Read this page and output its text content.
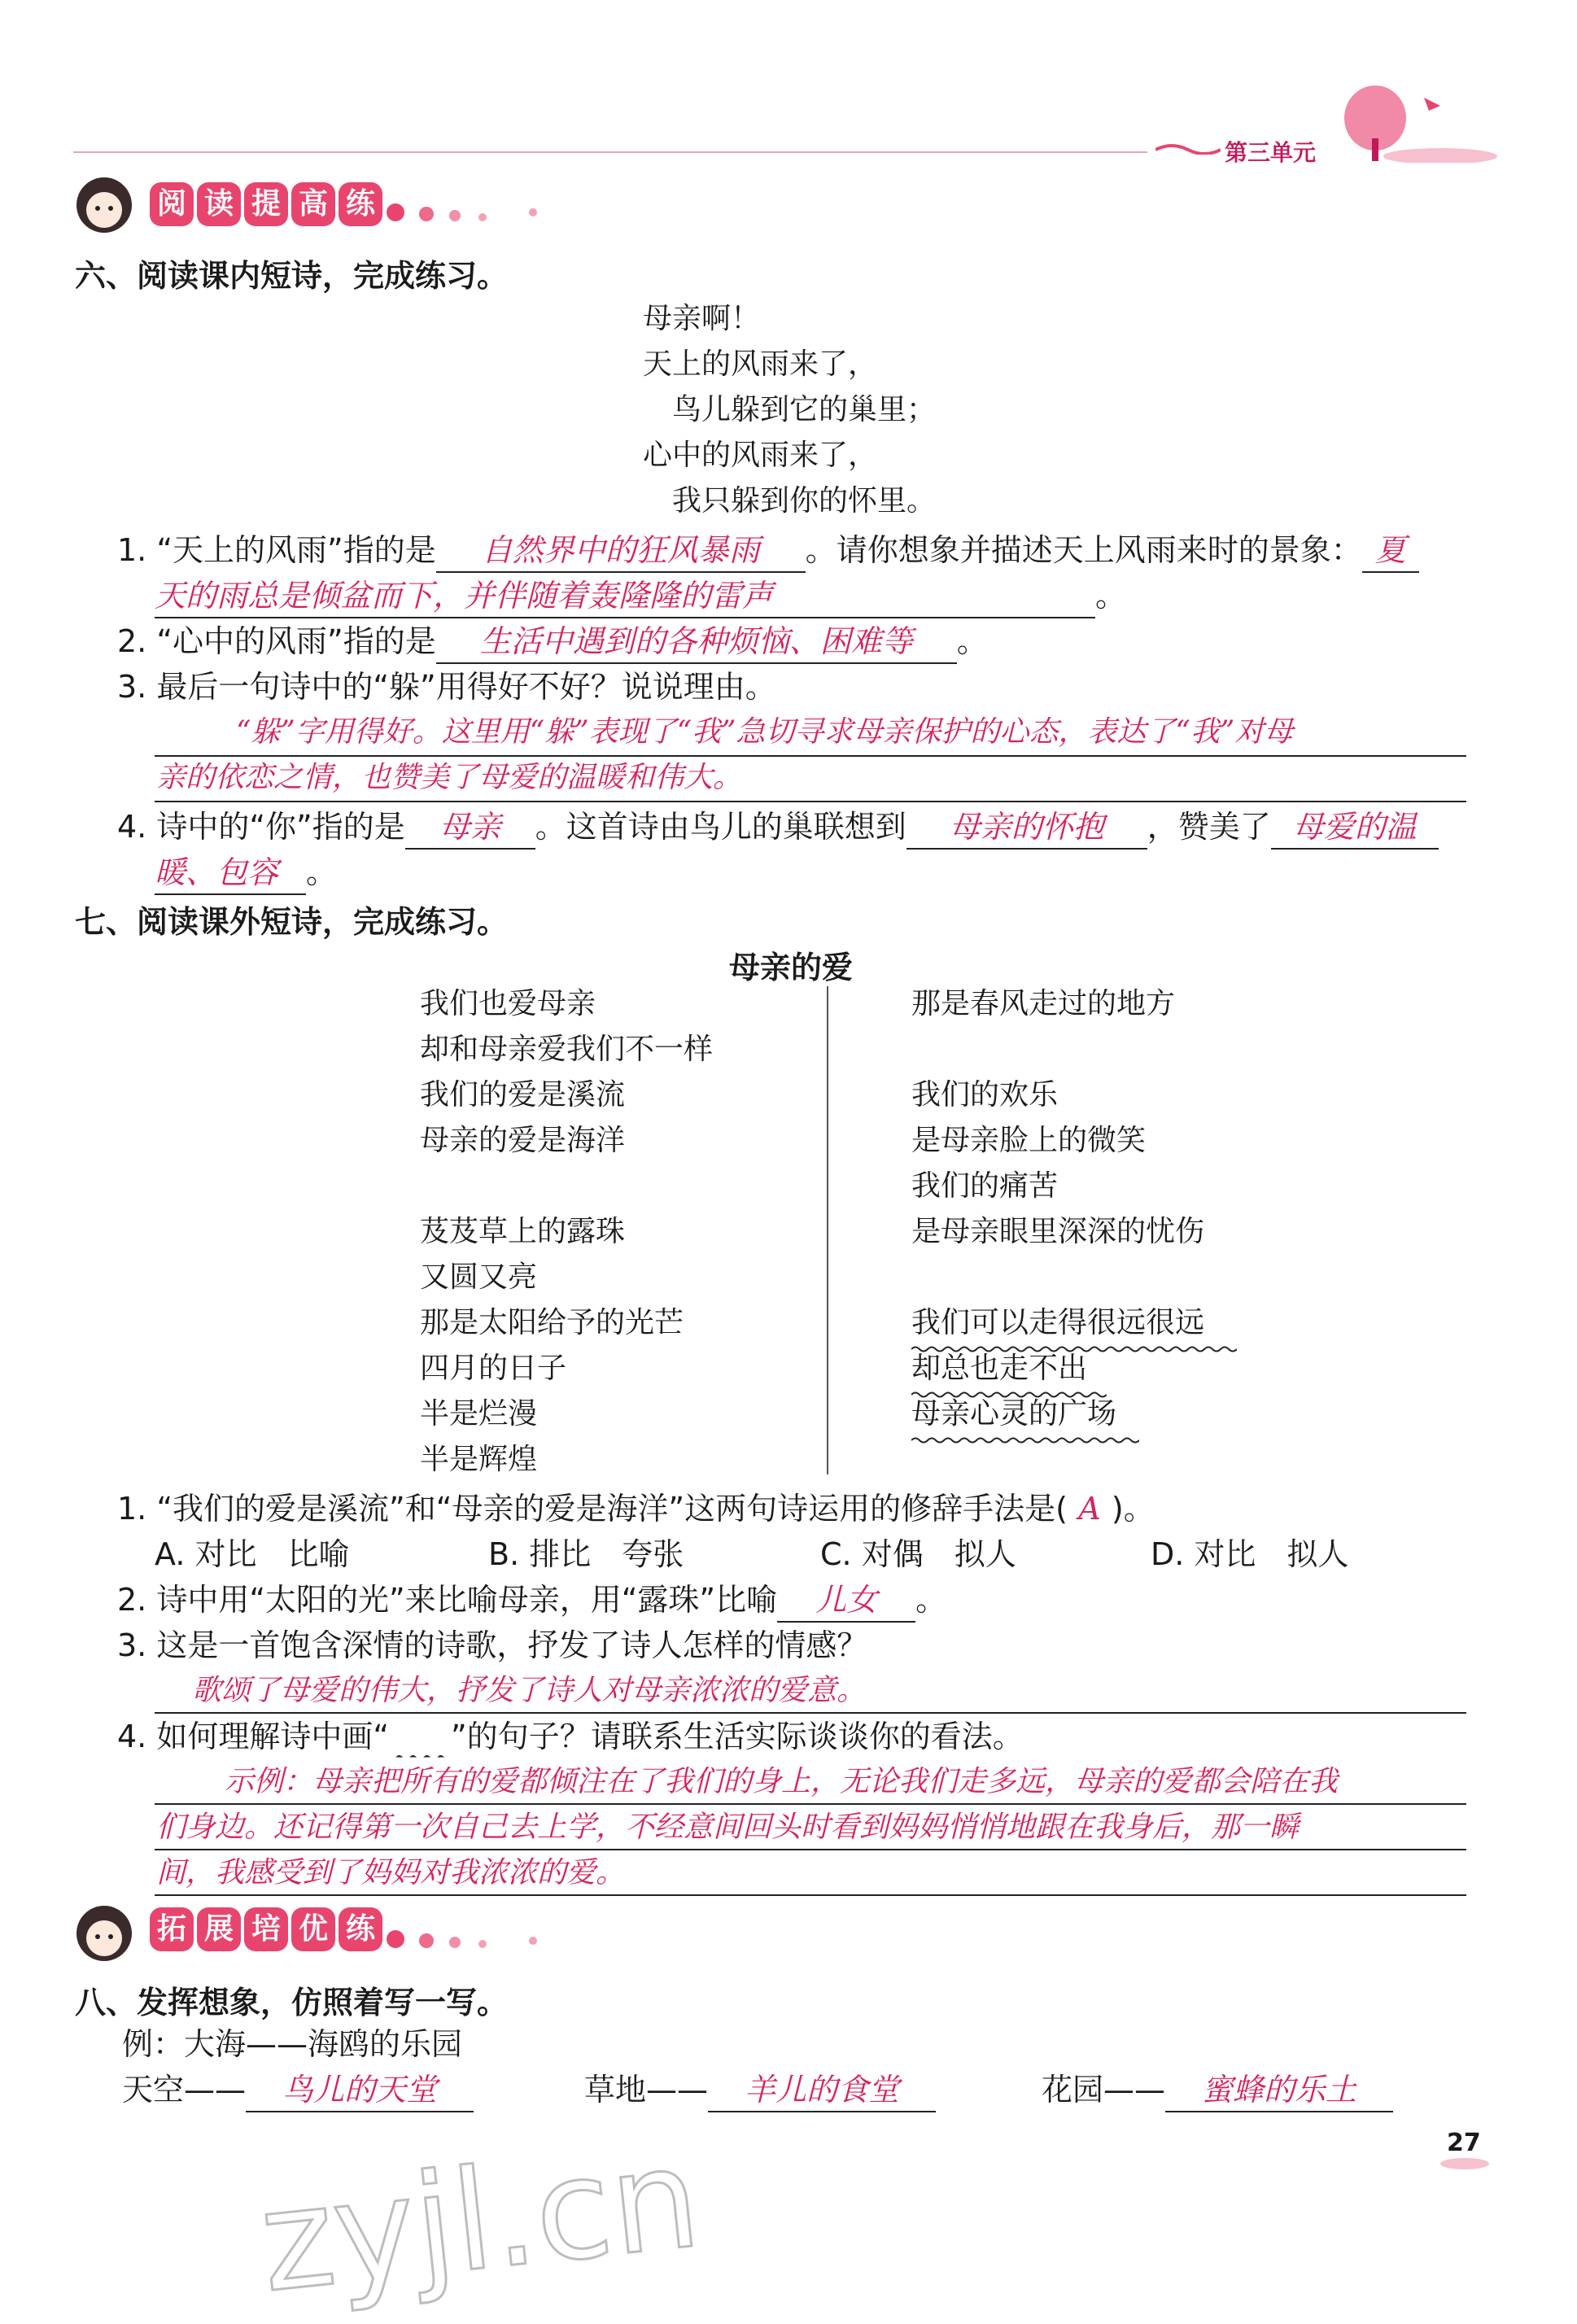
第三单元
阅 读 提 高 练
六、阅读课内短诗，完成练习。
母亲啊！
天上的风雨来了，
鸟儿躲到它的巢里；
心中的风雨来了，
我只躲到你的怀里。
1. “天上的风雨”指的是 自然界中的狂风暴雨 。请你想象并描述天上风雨来时的景象： 夏
天的雨总是倾盆而下，并伴随着轰隆隆的雷声	。
2. “心中的风雨”指的是 生活中遇到的各种烦恼、困难等 。
3. 最后一句诗中的“躲”用得好不好？说说理由。
“躲”字用得好。这里用“躲”表现了“我”急切寻求母亲保护的心态，表达了“我”对母
亲的依恋之情，也赞美了母爱的温暖和伟大。
4. 诗中的“你”指的是 母亲 。这首诗由鸟儿的巢联想到 母亲的怀抱 ，赞美了 母爱的温
暖、包容 。
七、阅读课外短诗，完成练习。
母亲的爱
我们也爱母亲
却和母亲爱我们不一样
我们的爱是溪流
母亲的爱是海洋
芨芨草上的露珠
又圆又亮
那是太阳给予的光芒
四月的日子
半是烂漫
半是辉煌
那是春风走过的地方
我们的欢乐
是母亲脸上的微笑
我们的痛苦
是母亲眼里深深的忧伤
我们可以走得很远很远
却总也走不出
母亲心灵的广场
1. “我们的爱是溪流”和“母亲的爱是海洋”这两句诗运用的修辞手法是( A )。
A. 对比　比喻	B. 排比　夸张	C. 对偶　拟人	D. 对比　拟人
2. 诗中用“太阳的光”来比喻母亲，用“露珠”比喻 儿女 。
3. 这是一首饱含深情的诗歌，抒发了诗人怎样的情感？
歌颂了母爱的伟大，抒发了诗人对母亲浓浓的爱意。
4. 如何理解诗中画“　　 ”的句子？请联系生活实际谈谈你的看法。
示例：母亲把所有的爱都倾注在了我们的身上，无论我们走多远，母亲的爱都会陪在我
们身边。还记得第一次自己去上学，不经意间回头时看到妈妈悄悄地跟在我身后，那一瞬
间，我感受到了妈妈对我浓浓的爱。
拓 展 培 优 练
八、发挥想象，仿照着写一写。
例：大海——海鸥的乐园
天空—— 鸟儿的天堂	草地—— 羊儿的食堂	花园—— 蜜蜂的乐土
27
zyjl.cn
